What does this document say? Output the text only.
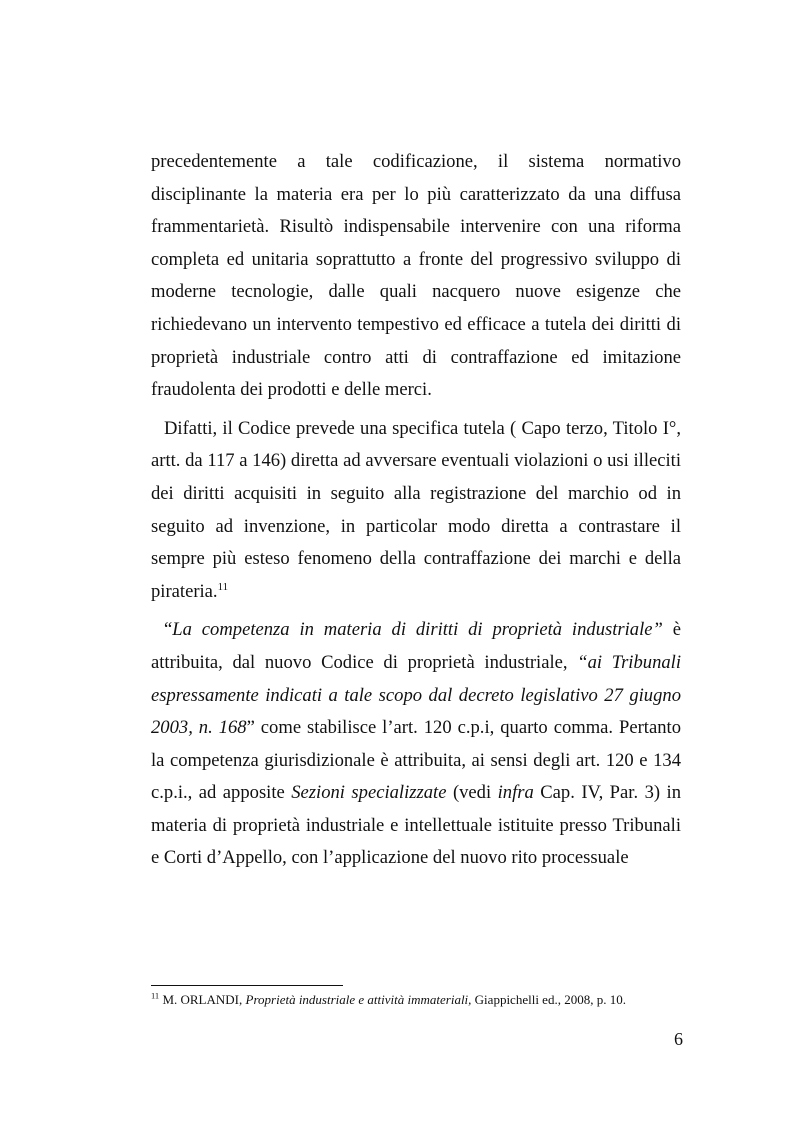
precedentemente a tale codificazione, il sistema normativo disciplinante la materia era per lo più caratterizzato da una diffusa frammentarietà. Risultò indispensabile intervenire con una riforma completa ed unitaria soprattutto a fronte del progressivo sviluppo di moderne tecnologie, dalle quali nacquero nuove esigenze che richiedevano un intervento tempestivo ed efficace a tutela dei diritti di proprietà industriale contro atti di contraffazione ed imitazione fraudolenta dei prodotti e delle merci.

Difatti, il Codice prevede una specifica tutela ( Capo terzo, Titolo I°, artt. da 117 a 146) diretta ad avversare eventuali violazioni o usi illeciti dei diritti acquisiti in seguito alla registrazione del marchio od in seguito ad invenzione, in particolar modo diretta a contrastare il sempre più esteso fenomeno della contraffazione dei marchi e della pirateria.$^{11}$

“La competenza in materia di diritti di proprietà industriale” è attribuita, dal nuovo Codice di proprietà industriale, “ai Tribunali espressamente indicati a tale scopo dal decreto legislativo 27 giugno 2003, n. 168” come stabilisce l’art. 120 c.p.i, quarto comma. Pertanto la competenza giurisdizionale è attribuita, ai sensi degli art. 120 e 134 c.p.i., ad apposite Sezioni specializzate (vedi infra Cap. IV, Par. 3) in materia di proprietà industriale e intellettuale istituite presso Tribunali e Corti d’Appello, con l’applicazione del nuovo rito processuale

$^{11}$ M. ORLANDI, Proprietà industriale e attività immateriali, Giappichelli ed., 2008, p. 10.
6
